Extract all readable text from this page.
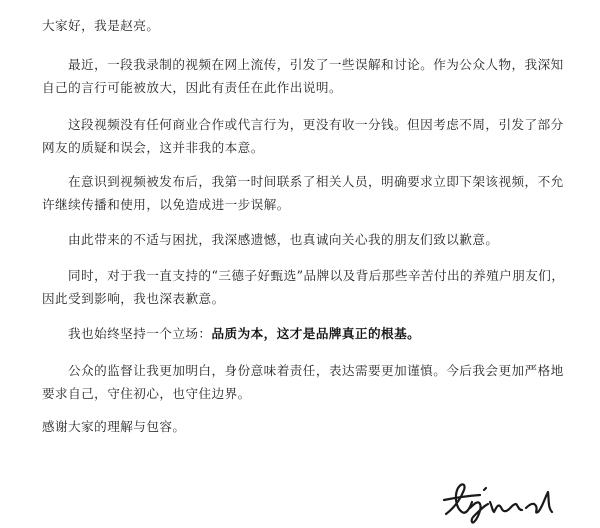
大家好，我是赵亮。

最近，一段我录制的视频在网上流传，引发了一些误解和讨论。作为公众人物，我深知自己的言行可能被放大，因此有责任在此作出说明。

这段视频没有任何商业合作或代言行为，更没有收一分钱。但因考虑不周，引发了部分网友的质疑和误会，这并非我的本意。

在意识到视频被发布后，我第一时间联系了相关人员，明确要求立即下架该视频，不允许继续传播和使用，以免造成进一步误解。

由此带来的不适与困扰，我深感遗憾，也真诚向关心我的朋友们致以歉意。

同时，对于我一直支持的“三德子好甄选”品牌以及背后那些辛苦付出的养殖户朋友们，因此受到影响，我也深表歉意。

我也始终坚持一个立场：品质为本，这才是品牌真正的根基。

公众的监督让我更加明白，身份意味着责任，表达需要更加谨慎。今后我会更加严格地要求自己，守住初心，也守住边界。

感谢大家的理解与包容。
